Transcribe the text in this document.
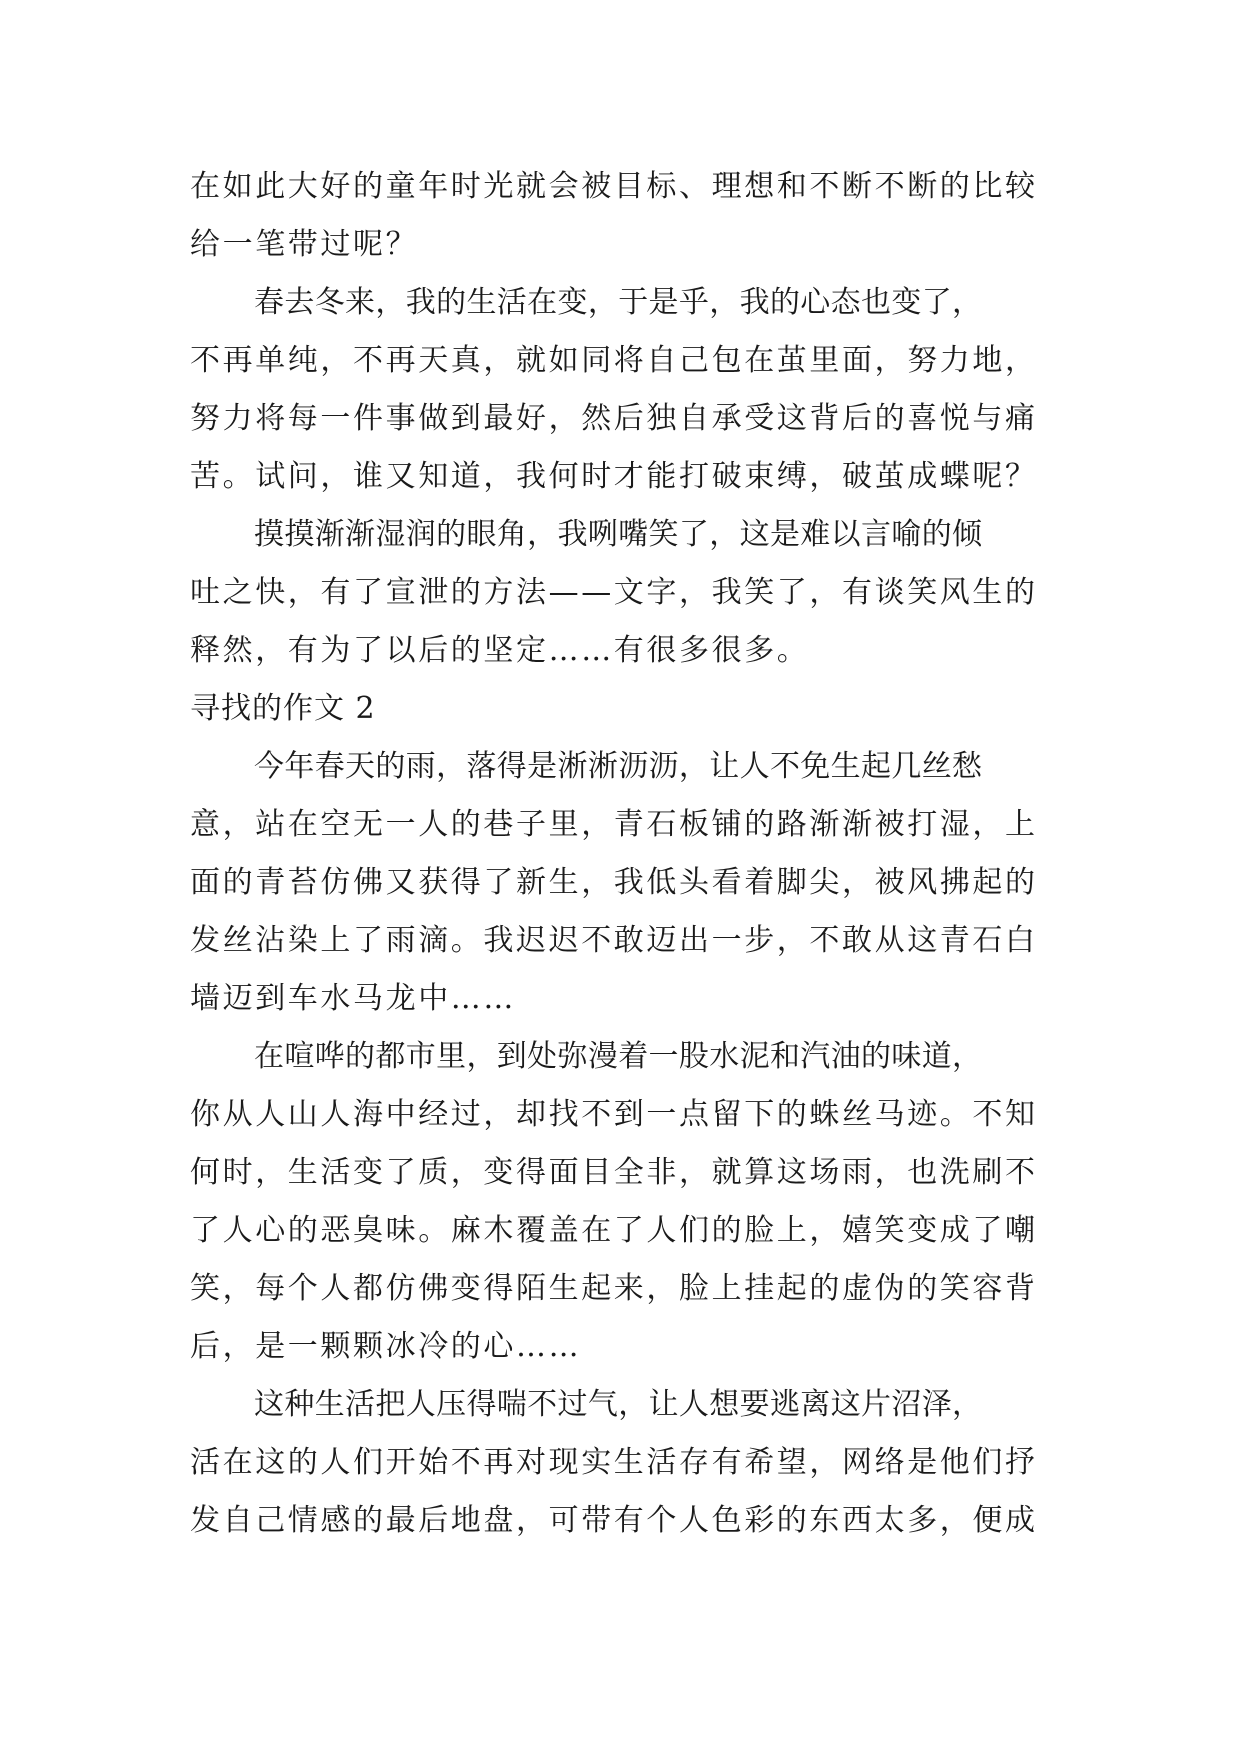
在如此大好的童年时光就会被目标、理想和不断不断的比较
给一笔带过呢？

春去冬来，我的生活在变，于是乎，我的心态也变了，
不再单纯，不再天真，就如同将自己包在茧里面，努力地，
努力将每一件事做到最好，然后独自承受这背后的喜悦与痛
苦。试问，谁又知道，我何时才能打破束缚，破茧成蝶呢？

摸摸渐渐湿润的眼角，我咧嘴笑了，这是难以言喻的倾
吐之快，有了宣泄的方法——文字，我笑了，有谈笑风生的
释然，有为了以后的坚定……有很多很多。

寻找的作文 2

今年春天的雨，落得是淅淅沥沥，让人不免生起几丝愁
意，站在空无一人的巷子里，青石板铺的路渐渐被打湿，上
面的青苔仿佛又获得了新生，我低头看着脚尖，被风拂起的
发丝沾染上了雨滴。我迟迟不敢迈出一步，不敢从这青石白
墙迈到车水马龙中……

在喧哗的都市里，到处弥漫着一股水泥和汽油的味道，
你从人山人海中经过，却找不到一点留下的蛛丝马迹。不知
何时，生活变了质，变得面目全非，就算这场雨，也洗刷不
了人心的恶臭味。麻木覆盖在了人们的脸上，嬉笑变成了嘲
笑，每个人都仿佛变得陌生起来，脸上挂起的虚伪的笑容背
后，是一颗颗冰冷的心……

这种生活把人压得喘不过气，让人想要逃离这片沼泽，
活在这的人们开始不再对现实生活存有希望，网络是他们抒
发自己情感的最后地盘，可带有个人色彩的东西太多，便成
